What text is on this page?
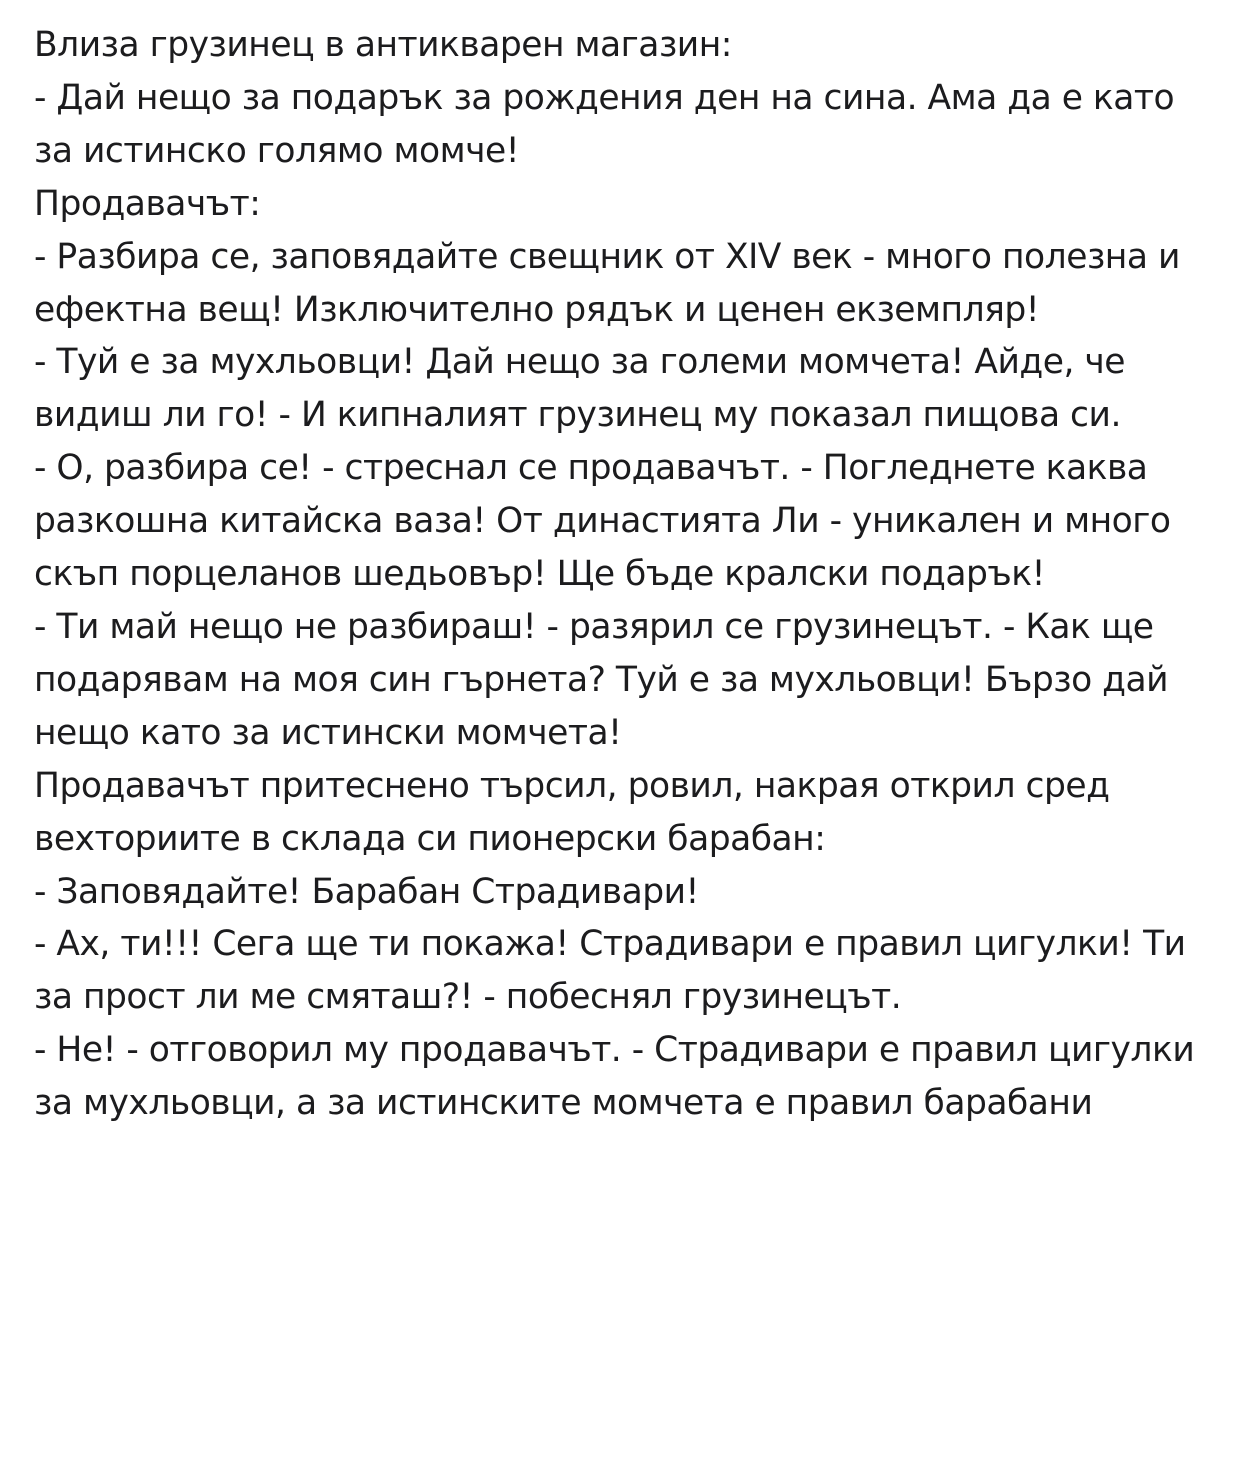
Влиза грузинец в антикварен магазин:
- Дай нещо за подарък за рождения ден на сина. Ама да е като за истинско голямо момче!
Продавачът:
- Разбира се, заповядайте свещник от XIV век - много полезна и ефектна вещ! Изключително рядък и ценен екземпляр!
- Туй е за мухльовци! Дай нещо за големи момчета! Айде, че видиш ли го! - И кипналият грузинец му показал пищова си.
- О, разбира се! - стреснал се продавачът. - Погледнете каква разкошна китайска ваза! От династията Ли - уникален и много скъп порцеланов шедьовър! Ще бъде кралски подарък!
- Ти май нещо не разбираш! - разярил се грузинецът. - Как ще подарявам на моя син гърнета? Туй е за мухльовци! Бързо дай нещо като за истински момчета!
Продавачът притеснено търсил, ровил, накрая открил сред вехториите в склада си пионерски барабан:
- Заповядайте! Барабан Страдивари!
- Ах, ти!!! Сега ще ти покажа! Страдивари е правил цигулки! Ти за прост ли ме смяташ?! - побеснял грузинецът.
- Не! - отговорил му продавачът. - Страдивари е правил цигулки за мухльовци, а за истинските момчета е правил барабани
